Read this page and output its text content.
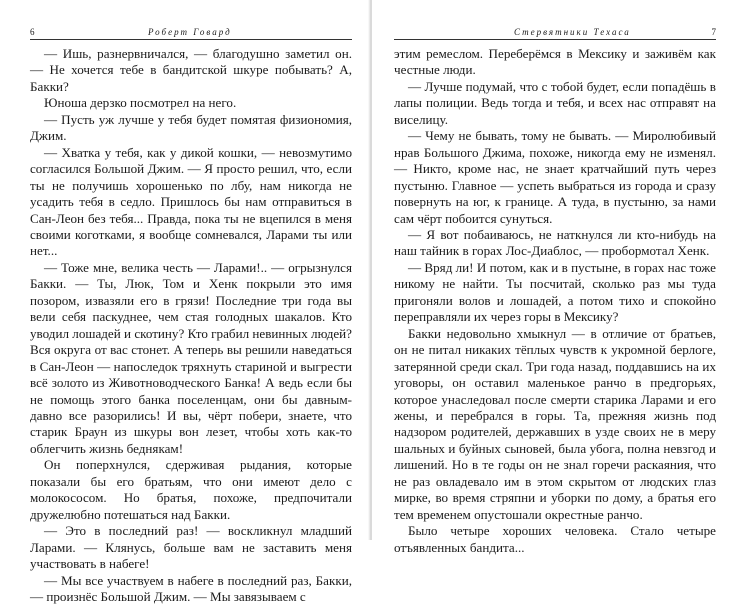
6	Роберт Говард

— Ишь, разнервничался, — благодушно заметил он. — Не хочется тебе в бандитской шкуре побывать? А, Бакки?

Юноша дерзко посмотрел на него.

— Пусть уж лучше у тебя будет помятая физиономия, Джим.

— Хватка у тебя, как у дикой кошки, — невозмутимо согласился Большой Джим. — Я просто решил, что, если ты не получишь хорошенько по лбу, нам никогда не усадить тебя в седло. Пришлось бы нам отправиться в Сан-Леон без тебя... Правда, пока ты не вцепился в меня своими коготками, я вообще сомневался, Ларами ты или нет...

— Тоже мне, велика честь — Ларами!.. — огрызнулся Бакки. — Ты, Люк, Том и Хенк покрыли это имя позором, извазяли его в грязи! Последние три года вы вели себя паскуднее, чем стая голодных шакалов. Кто уводил лошадей и скотину? Кто грабил невинных людей? Вся округа от вас стонет. А теперь вы решили наведаться в Сан-Леон — напоследок тряхнуть стариной и выгрести всё золото из Животноводческого Банка! А ведь если бы не помощь этого банка поселенцам, они бы давным-давно все разорились! И вы, чёрт побери, знаете, что старик Браун из шкуры вон лезет, чтобы хоть как-то облегчить жизнь беднякам!

Он поперхнулся, сдерживая рыдания, которые показали бы его братьям, что они имеют дело с молокососом. Но братья, похоже, предпочитали дружелюбно потешаться над Бакки.

— Это в последний раз! — воскликнул младший Ларами. — Клянусь, больше вам не заставить меня участвовать в набеге!

— Мы все участвуем в набеге в последний раз, Бакки, — произнёс Большой Джим. — Мы завязываем с

Стервятники Техаса	7

этим ремеслом. Переберёмся в Мексику и заживём как честные люди.

— Лучше подумай, что с тобой будет, если попадёшь в лапы полиции. Ведь тогда и тебя, и всех нас отправят на виселицу.

— Чему не бывать, тому не бывать. — Миролюбивый нрав Большого Джима, похоже, никогда ему не изменял. — Никто, кроме нас, не знает кратчайший путь через пустыню. Главное — успеть выбраться из города и сразу повернуть на юг, к границе. А туда, в пустыню, за нами сам чёрт побоится сунуться.

— Я вот побаиваюсь, не наткнулся ли кто-нибудь на наш тайник в горах Лос-Диаблос, — пробормотал Хенк.

— Вряд ли! И потом, как и в пустыне, в горах нас тоже никому не найти. Ты посчитай, сколько раз мы туда пригоняли волов и лошадей, а потом тихо и спокойно переправляли их через горы в Мексику?

Бакки недовольно хмыкнул — в отличие от братьев, он не питал никаких тёплых чувств к укромной берлоге, затерянной среди скал. Три года назад, поддавшись на их уговоры, он оставил маленькое ранчо в предгорьях, которое унаследовал после смерти старика Ларами и его жены, и перебрался в горы. Та, прежняя жизнь под надзором родителей, державших в узде своих не в меру шальных и буйных сыновей, была убога, полна невзгод и лишений. Но в те годы он не знал горечи раскаяния, что не раз овладевало им в этом скрытом от людских глаз мирке, во время стряпни и уборки по дому, а братья его тем временем опустошали окрестные ранчо.

Было четыре хороших человека. Стало четыре отъявленных бандита...
